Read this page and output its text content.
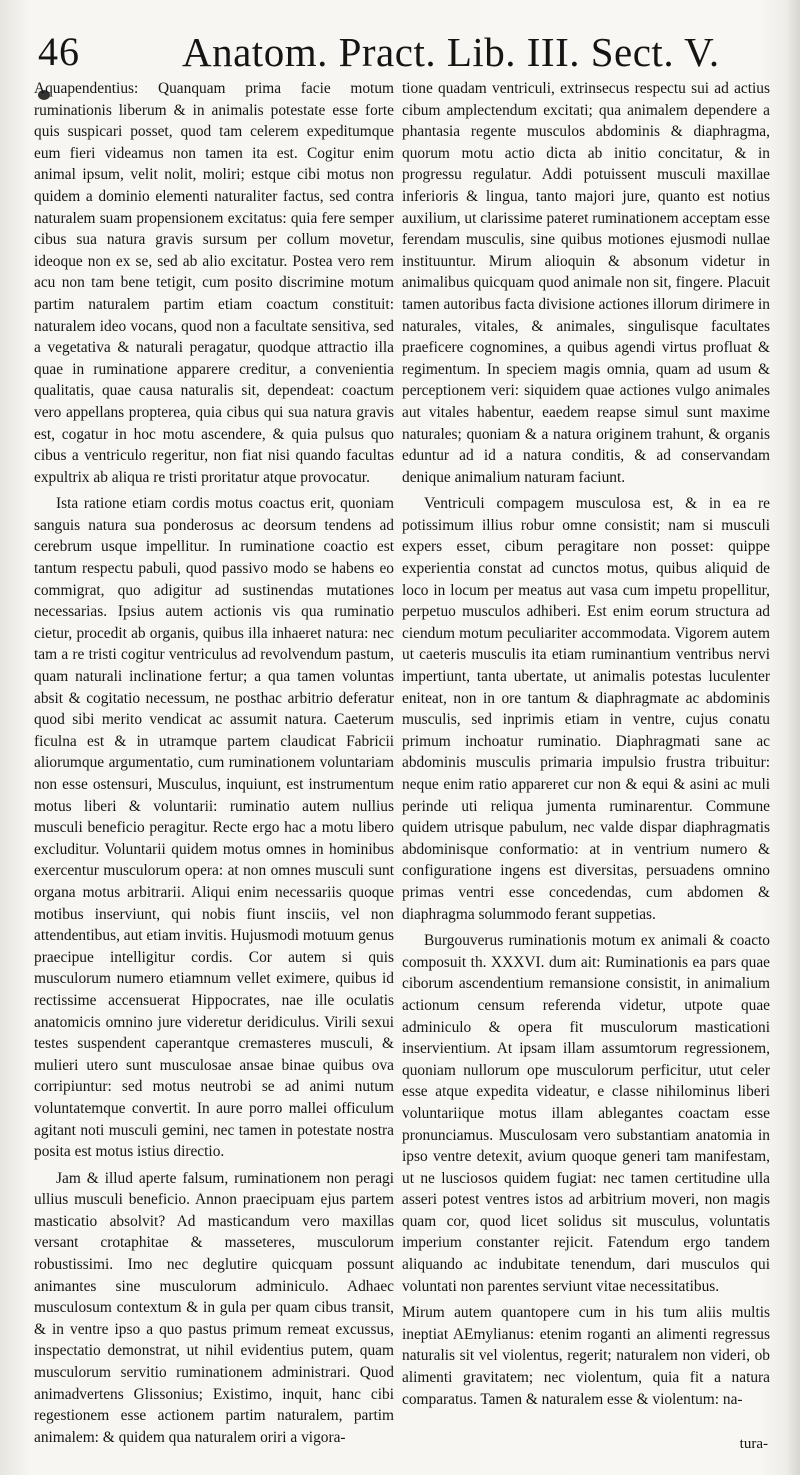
46 Anatom. Pract. Lib. III. Sect. V.

Aquapendentius: Quanquam prima facie motum ruminationis liberum & in animalis potestate esse forte quis suspicari posset, quod tam celerem expeditumque eum fieri videamus non tamen ita est. Cogitur enim animal ipsum, velit nolit, moliri; estque cibi motus non quidem a dominio elementi naturaliter factus, sed contra naturalem suam propensionem excitatus: quia fere semper cibus sua natura gravis sursum per collum movetur, ideoque non ex se, sed ab alio excitatur. Postea vero rem acu non tam bene tetigit, cum posito discrimine motum partim naturalem partim etiam coactum constituit: naturalem ideo vocans, quod non a facultate sensitiva, sed a vegetativa & naturali peragatur, quodque attractio illa quae in ruminatione apparere creditur, a convenientia qualitatis, quae causa naturalis sit, dependeat: coactum vero appellans propterea, quia cibus qui sua natura gravis est, cogatur in hoc motu ascendere, & quia pulsus quo cibus a ventriculo regeritur, non fiat nisi quando facultas expultrix ab aliqua re tristi proritatur atque provocatur.

Ista ratione etiam cordis motus coactus erit, quoniam sanguis natura sua ponderosus ac deorsum tendens ad cerebrum usque impellitur. In ruminatione coactio est tantum respectu pabuli, quod passivo modo se habens eo commigrat, quo adigitur ad sustinendas mutationes necessarias. Ipsius autem actionis vis qua ruminatio cietur, procedit ab organis, quibus illa inhaeret natura: nec tam a re tristi cogitur ventriculus ad revolvendum pastum, quam naturali inclinatione fertur; a qua tamen voluntas absit & cogitatio necessum, ne posthac arbitrio deferatur quod sibi merito vendicat ac assumit natura. Caeterum ficulna est & in utramque partem claudicat Fabricii aliorumque argumentatio, cum ruminationem voluntariam non esse ostensuri, Musculus, inquiunt, est instrumentum motus liberi & voluntarii: ruminatio autem nullius musculi beneficio peragitur. Recte ergo hac a motu libero excluditur. Voluntarii quidem motus omnes in hominibus exercentur musculorum opera: at non omnes musculi sunt organa motus arbitrarii. Aliqui enim necessariis quoque motibus inserviunt, qui nobis fiunt insciis, vel non attendentibus, aut etiam invitis. Hujusmodi motuum genus praecipue intelligitur cordis. Cor autem si quis musculorum numero etiamnum vellet eximere, quibus id rectissime accensuerat Hippocrates, nae ille oculatis anatomicis omnino jure videretur deridiculus. Virili sexui testes suspendent caperantque cremasteres musculi, & mulieri utero sunt musculosae ansae binae quibus ova corripiuntur: sed motus neutrobi se ad animi nutum voluntatemque convertit. In aure porro mallei officulum agitant noti musculi gemini, nec tamen in potestate nostra posita est motus istius directio.

Jam & illud aperte falsum, ruminationem non peragi ullius musculi beneficio. Annon praecipuam ejus partem masticatio absolvit? Ad masticandum vero maxillas versant crotaphitae & masseteres, musculorum robustissimi. Imo nec deglutire quicquam possunt animantes sine musculorum adminiculo. Adhaec musculosum contextum & in gula per quam cibus transit, & in ventre ipso a quo pastus primum remeat excussus, inspectatio demonstrat, ut nihil evidentius putem, quam musculorum servitio ruminationem administrari. Quod animadvertens Glissonius; Existimo, inquit, hanc cibi regestionem esse actionem partim naturalem, partim animalem: & quidem qua naturalem oriri a vigora-

tione quadam ventriculi, extrinsecus respectu sui ad actius cibum amplectendum excitati; qua animalem dependere a phantasia regente musculos abdominis & diaphragma, quorum motu actio dicta ab initio concitatur, & in progressu regulatur. Addi potuissent musculi maxillae inferioris & lingua, tanto majori jure, quanto est notius auxilium, ut clarissime pateret ruminationem acceptam esse ferendam musculis, sine quibus motiones ejusmodi nullae instituuntur. Mirum alioquin & absonum videtur in animalibus quicquam quod animale non sit, fingere. Placuit tamen autoribus facta divisione actiones illorum dirimere in naturales, vitales, & animales, singulisque facultates praeficere cognomines, a quibus agendi virtus profluat & regimentum. In speciem magis omnia, quam ad usum & perceptionem veri: siquidem quae actiones vulgo animales aut vitales habentur, eaedem reapse simul sunt maxime naturales; quoniam & a natura originem trahunt, & organis eduntur ad id a natura conditis, & ad conservandam denique animalium naturam faciunt.

Ventriculi compagem musculosa est, & in ea re potissimum illius robur omne consistit; nam si musculi expers esset, cibum peragitare non posset: quippe experientia constat ad cunctos motus, quibus aliquid de loco in locum per meatus aut vasa cum impetu propellitur, perpetuo musculos adhiberi. Est enim eorum structura ad ciendum motum peculiariter accommodata. Vigorem autem ut caeteris musculis ita etiam ruminantium ventribus nervi impertiunt, tanta ubertate, ut animalis potestas luculenter eniteat, non in ore tantum & diaphragmate ac abdominis musculis, sed inprimis etiam in ventre, cujus conatu primum inchoatur ruminatio. Diaphragmati sane ac abdominis musculis primaria impulsio frustra tribuitur: neque enim ratio appareret cur non & equi & asini ac muli perinde uti reliqua jumenta ruminarentur. Commune quidem utrisque pabulum, nec valde dispar diaphragmatis abdominisque conformatio: at in ventrium numero & configuratione ingens est diversitas, persuadens omnino primas ventri esse concedendas, cum abdomen & diaphragma solummodo ferant suppetias.

Burgouverus ruminationis motum ex animali & coacto composuit th. XXXVI. dum ait: Ruminationis ea pars quae ciborum ascendentium remansione consistit, in animalium actionum censum referenda videtur, utpote quae adminiculo & opera fit musculorum masticationi inservientium. At ipsam illam assumtorum regressionem, quoniam nullorum ope musculorum perficitur, utut celer esse atque expedita videatur, e classe nihilominus liberi voluntariique motus illam ablegantes coactam esse pronunciamus. Musculosam vero substantiam anatomia in ipso ventre detexit, avium quoque generi tam manifestam, ut ne lusciosos quidem fugiat: nec tamen certitudine ulla asseri potest ventres istos ad arbitrium moveri, non magis quam cor, quod licet solidus sit musculus, voluntatis imperium constanter rejicit. Fatendum ergo tandem aliquando ac indubitate tenendum, dari musculos qui voluntati non parentes serviunt vitae necessitatibus.

Mirum autem quantopere cum in his tum aliis multis ineptiat AEmylianus: etenim roganti an alimenti regressus naturalis sit vel violentus, regerit; naturalem non videri, ob alimenti gravitatem; nec violentum, quia fit a natura comparatus. Tamen & naturalem esse & violentum: na-

tura-
